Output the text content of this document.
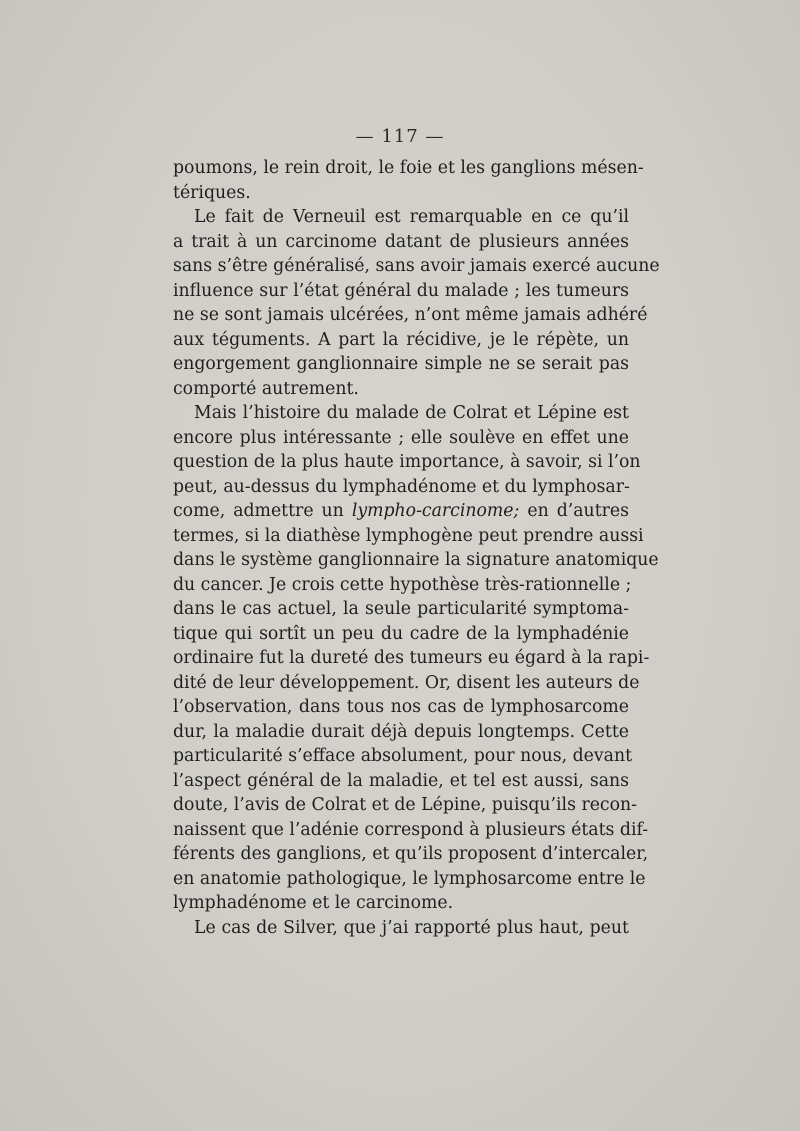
— 117 —
poumons, le rein droit, le foie et les ganglions mésen-
tériques.
Le fait de Verneuil est remarquable en ce qu’il
a trait à un carcinome datant de plusieurs années
sans s’être généralisé, sans avoir jamais exercé aucune
influence sur l’état général du malade ; les tumeurs
ne se sont jamais ulcérées, n’ont même jamais adhéré
aux téguments. A part la récidive, je le répète, un
engorgement ganglionnaire simple ne se serait pas
comporté autrement.
Mais l’histoire du malade de Colrat et Lépine est
encore plus intéressante ; elle soulève en effet une
question de la plus haute importance, à savoir, si l’on
peut, au-dessus du lymphadénome et du lymphosar-
come, admettre un lympho-carcinome; en d’autres
termes, si la diathèse lymphogène peut prendre aussi
dans le système ganglionnaire la signature anatomique
du cancer. Je crois cette hypothèse très-rationnelle ;
dans le cas actuel, la seule particularité symptoma-
tique qui sortît un peu du cadre de la lymphadénie
ordinaire fut la dureté des tumeurs eu égard à la rapi-
dité de leur développement. Or, disent les auteurs de
l’observation, dans tous nos cas de lymphosarcome
dur, la maladie durait déjà depuis longtemps. Cette
particularité s’efface absolument, pour nous, devant
l’aspect général de la maladie, et tel est aussi, sans
doute, l’avis de Colrat et de Lépine, puisqu’ils recon-
naissent que l’adénie correspond à plusieurs états dif-
férents des ganglions, et qu’ils proposent d’intercaler,
en anatomie pathologique, le lymphosarcome entre le
lymphadénome et le carcinome.
Le cas de Silver, que j’ai rapporté plus haut, peut
